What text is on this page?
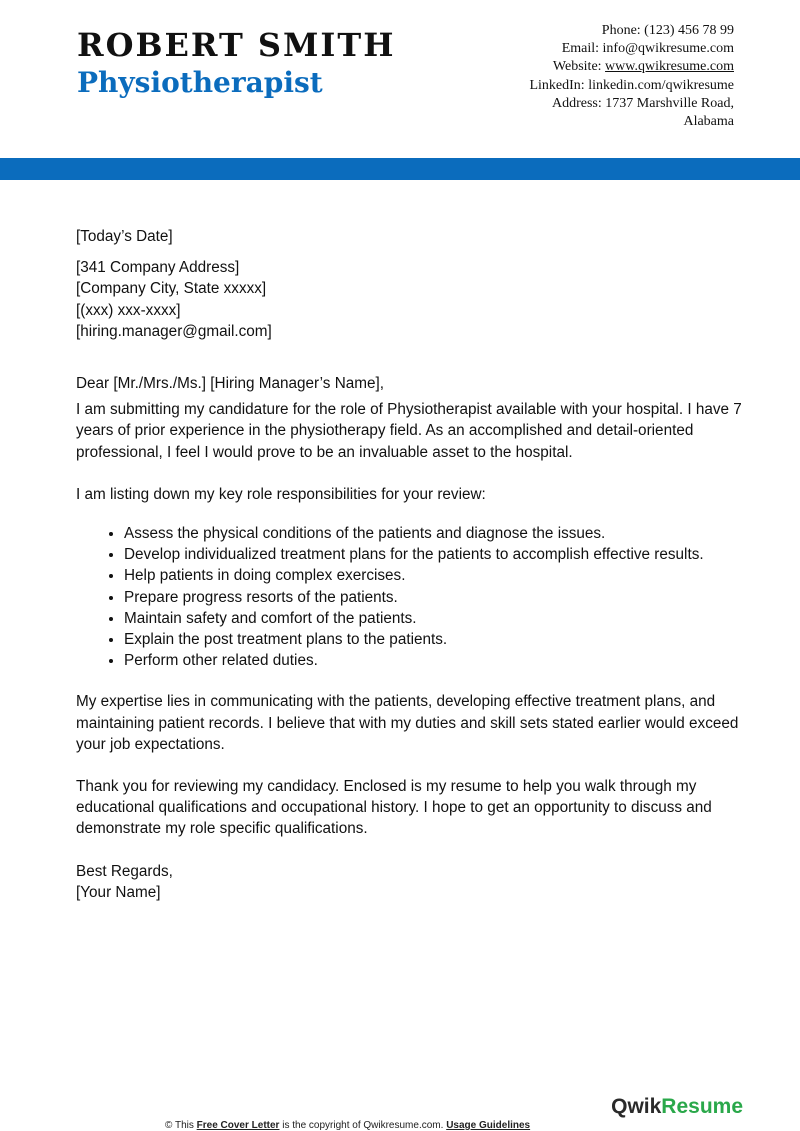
ROBERT SMITH
Physiotherapist
Phone: (123) 456 78 99
Email: info@qwikresume.com
Website: www.qwikresume.com
LinkedIn: linkedin.com/qwikresume
Address: 1737 Marshville Road,
Alabama

[Today’s Date]

[341 Company Address]

[Company City, State xxxxx]

[(xxx) xxx-xxxx]

[hiring.manager@gmail.com]

Dear [Mr./Mrs./Ms.] [Hiring Manager’s Name],

I am submitting my candidature for the role of Physiotherapist available with your hospital. I have 7 years of prior experience in the physiotherapy field. As an accomplished and detail-oriented professional, I feel I would prove to be an invaluable asset to the hospital.

I am listing down my key role responsibilities for your review:

• Assess the physical conditions of the patients and diagnose the issues.
• Develop individualized treatment plans for the patients to accomplish effective results.
• Help patients in doing complex exercises.
• Prepare progress resorts of the patients.
• Maintain safety and comfort of the patients.
• Explain the post treatment plans to the patients.
• Perform other related duties.

My expertise lies in communicating with the patients, developing effective treatment plans, and maintaining patient records. I believe that with my duties and skill sets stated earlier would exceed your job expectations.

Thank you for reviewing my candidacy. Enclosed is my resume to help you walk through my educational qualifications and occupational history. I hope to get an opportunity to discuss and demonstrate my role specific qualifications.

Best Regards,

[Your Name]

© This Free Cover Letter is the copyright of Qwikresume.com. Usage Guidelines
QwikResume
